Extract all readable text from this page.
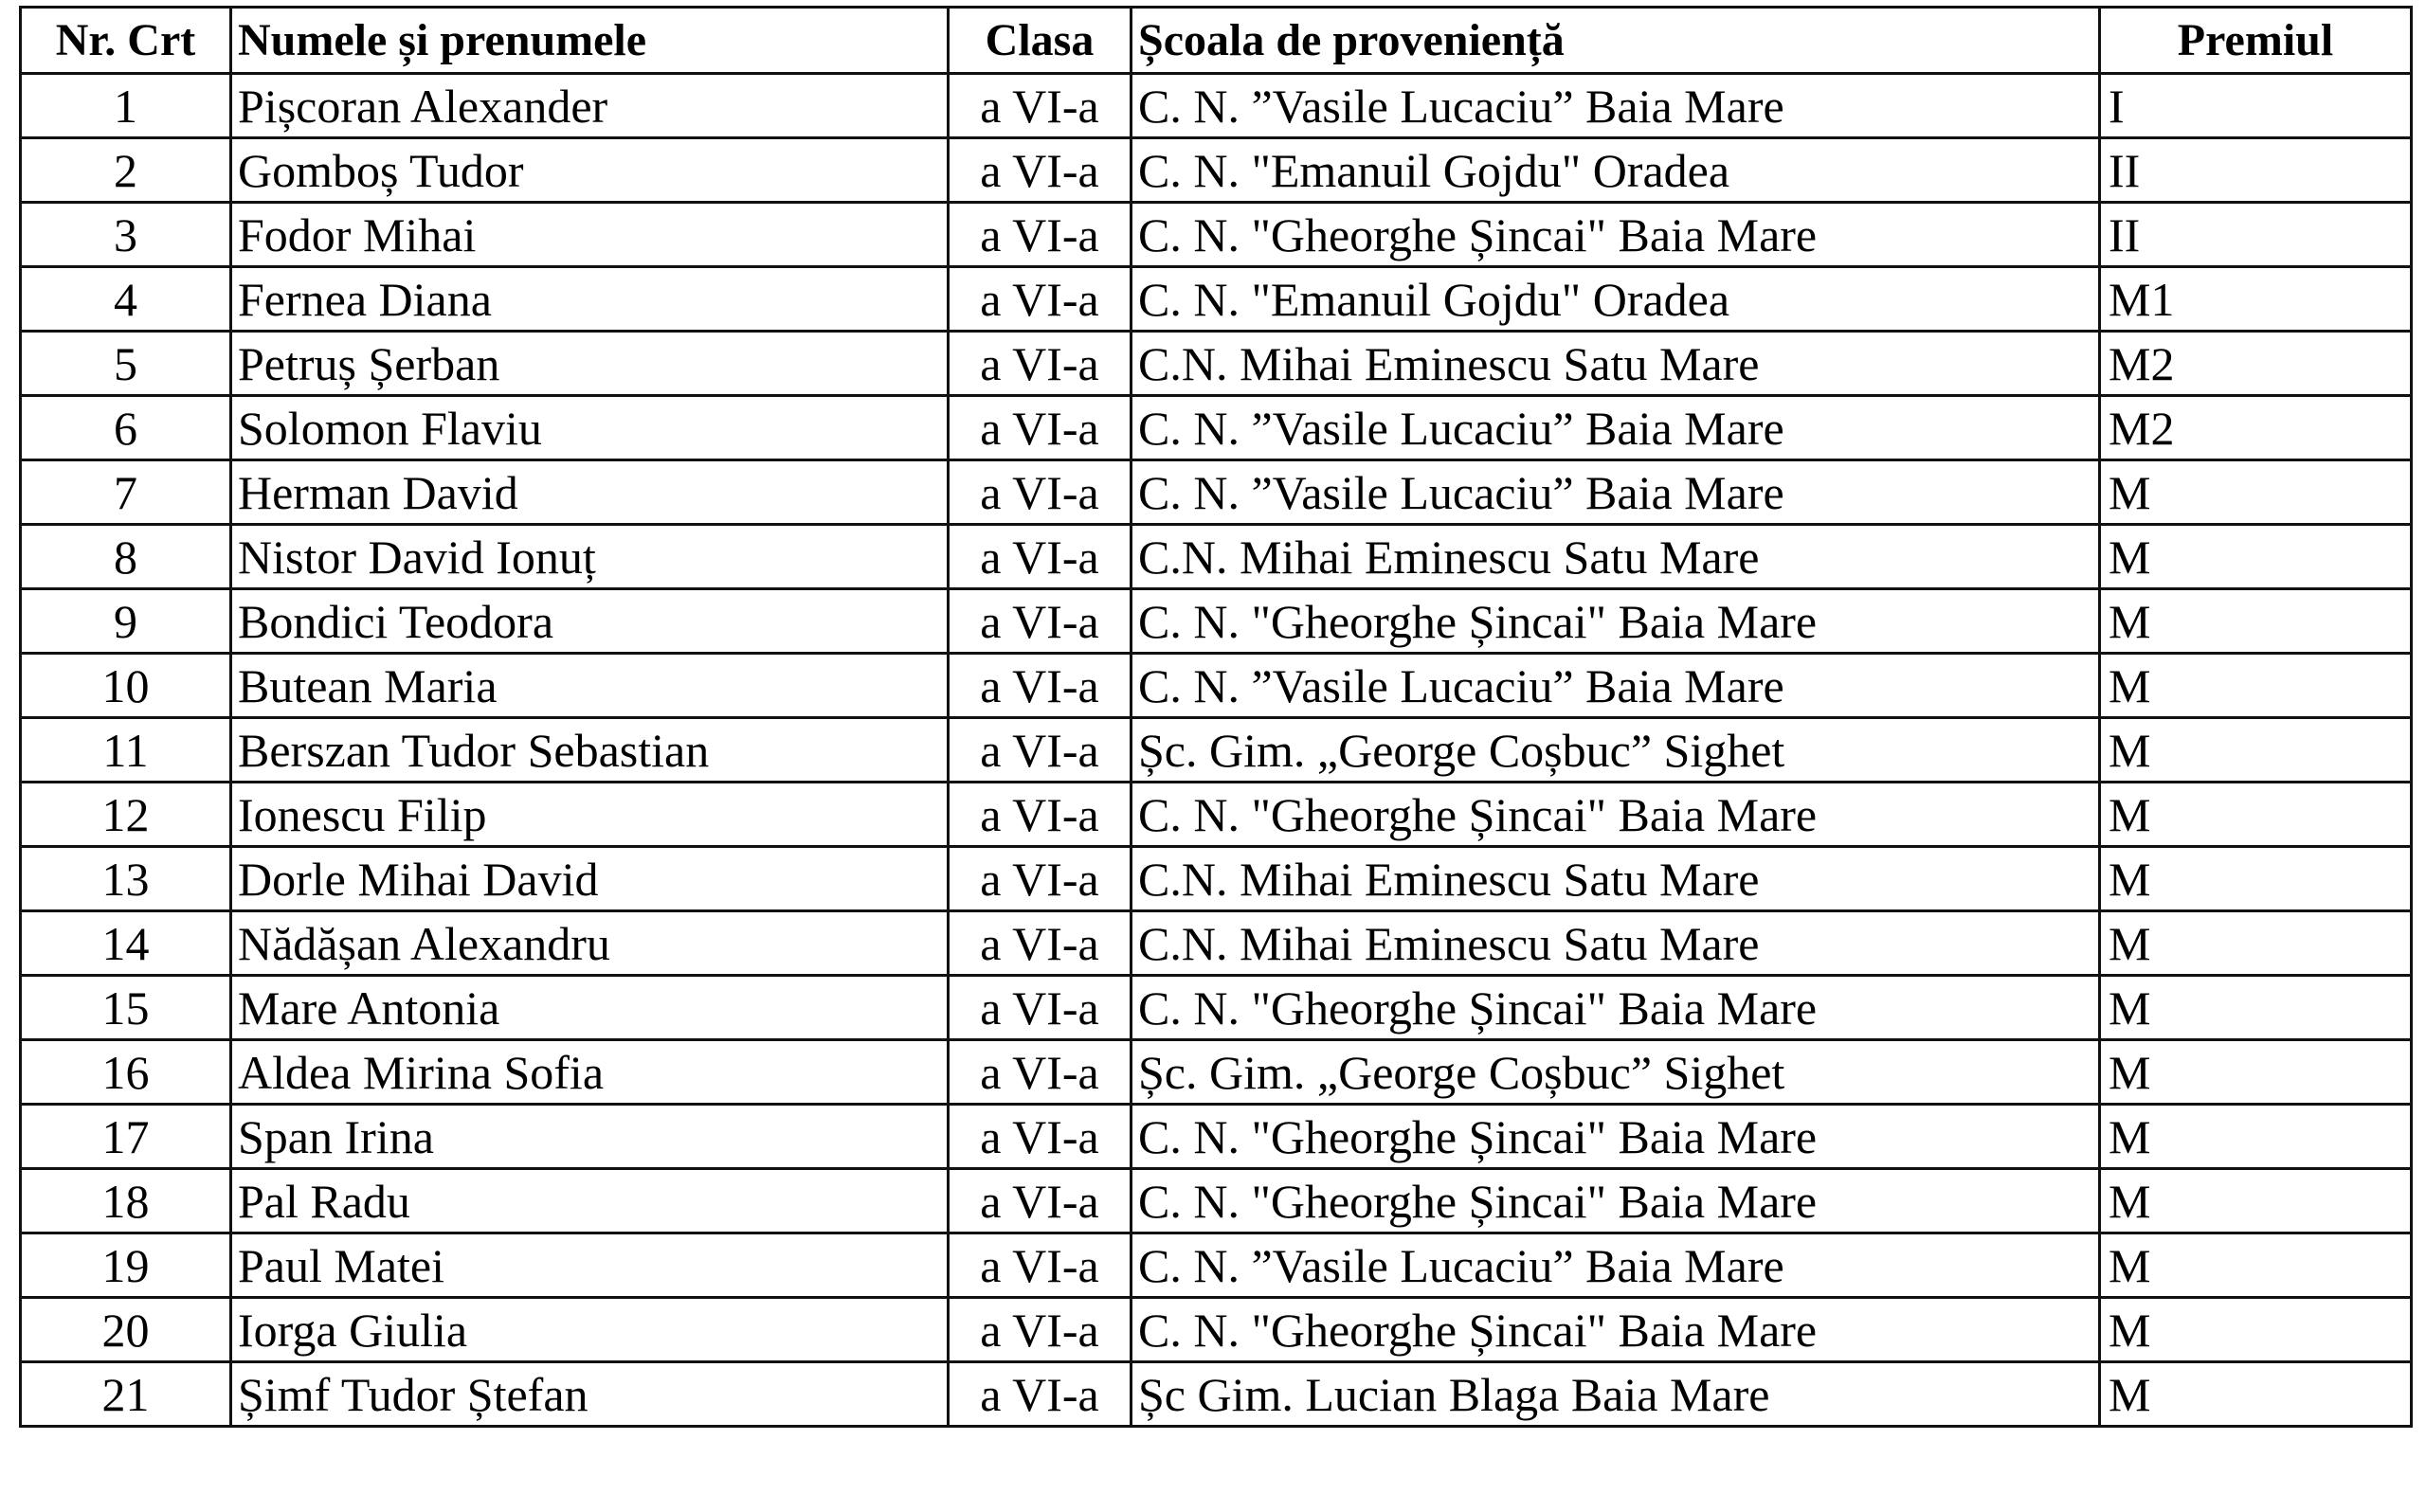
Nr. Crt	Numele și prenumele	Clasa	Școala de proveniență	Premiul
1	Pișcoran Alexander	a VI-a	C. N. ”Vasile Lucaciu” Baia Mare	I
2	Gomboș Tudor	a VI-a	C. N. "Emanuil Gojdu" Oradea	II
3	Fodor Mihai	a VI-a	C. N. "Gheorghe Șincai" Baia Mare	II
4	Fernea Diana	a VI-a	C. N. "Emanuil Gojdu" Oradea	M1
5	Petruș Șerban	a VI-a	C.N. Mihai Eminescu Satu Mare	M2
6	Solomon Flaviu	a VI-a	C. N. ”Vasile Lucaciu” Baia Mare	M2
7	Herman David	a VI-a	C. N. ”Vasile Lucaciu” Baia Mare	M
8	Nistor David Ionuț	a VI-a	C.N. Mihai Eminescu Satu Mare	M
9	Bondici Teodora	a VI-a	C. N. "Gheorghe Șincai" Baia Mare	M
10	Butean Maria	a VI-a	C. N. ”Vasile Lucaciu” Baia Mare	M
11	Berszan Tudor Sebastian	a VI-a	Șc. Gim. „George Coșbuc” Sighet	M
12	Ionescu Filip	a VI-a	C. N. "Gheorghe Șincai" Baia Mare	M
13	Dorle Mihai David	a VI-a	C.N. Mihai Eminescu Satu Mare	M
14	Nădășan Alexandru	a VI-a	C.N. Mihai Eminescu Satu Mare	M
15	Mare Antonia	a VI-a	C. N. "Gheorghe Șincai" Baia Mare	M
16	Aldea Mirina Sofia	a VI-a	Șc. Gim. „George Coșbuc” Sighet	M
17	Span Irina	a VI-a	C. N. "Gheorghe Șincai" Baia Mare	M
18	Pal Radu	a VI-a	C. N. "Gheorghe Șincai" Baia Mare	M
19	Paul Matei	a VI-a	C. N. ”Vasile Lucaciu” Baia Mare	M
20	Iorga Giulia	a VI-a	C. N. "Gheorghe Șincai" Baia Mare	M
21	Șimf Tudor Ștefan	a VI-a	Șc Gim. Lucian Blaga Baia Mare	M
